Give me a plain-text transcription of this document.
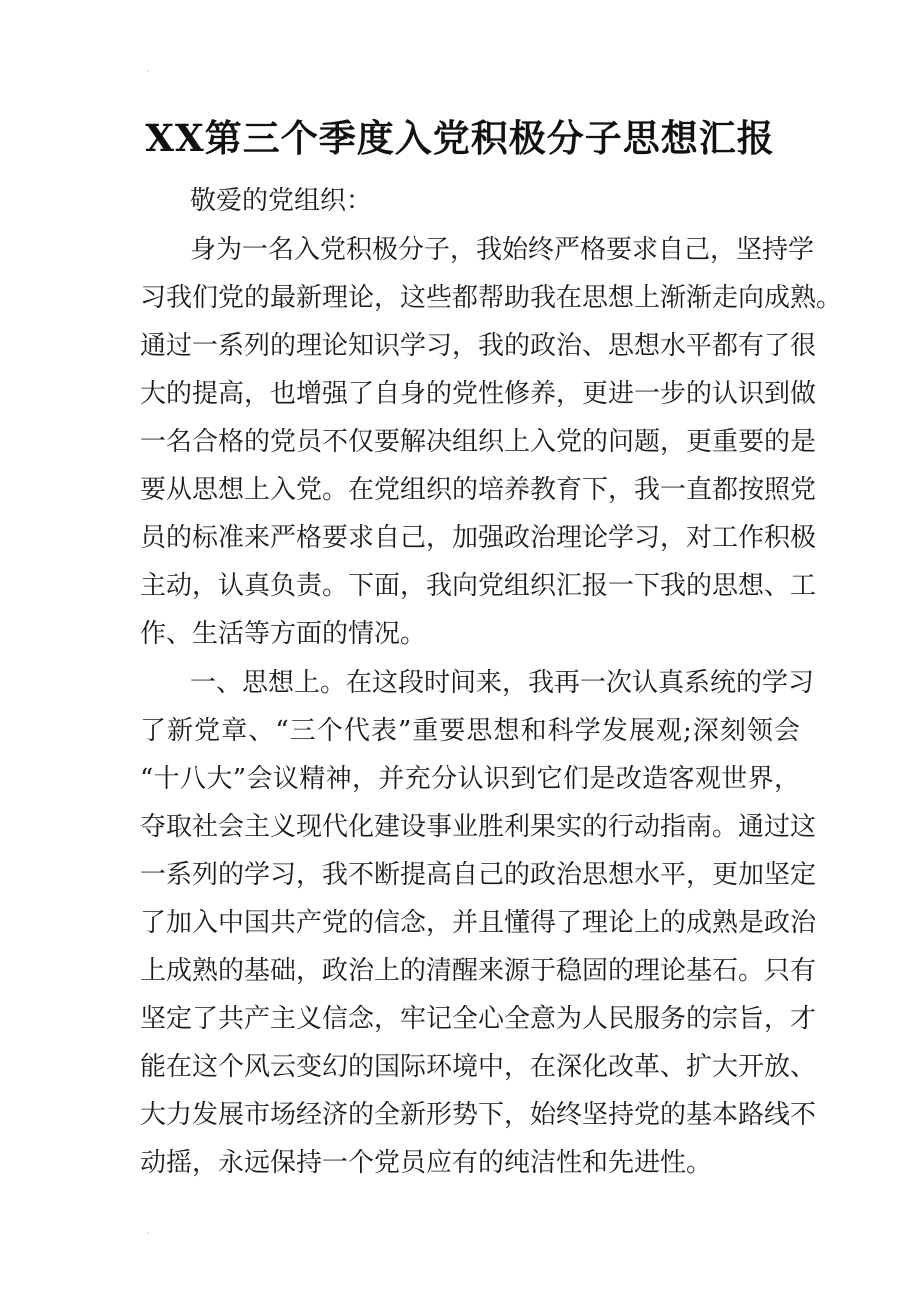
XX第三个季度入党积极分子思想汇报
敬爱的党组织：
身为一名入党积极分子，我始终严格要求自己，坚持学
习我们党的最新理论，这些都帮助我在思想上渐渐走向成熟。
通过一系列的理论知识学习，我的政治、思想水平都有了很
大的提高，也增强了自身的党性修养，更进一步的认识到做
一名合格的党员不仅要解决组织上入党的问题，更重要的是
要从思想上入党。在党组织的培养教育下，我一直都按照党
员的标准来严格要求自己，加强政治理论学习，对工作积极
主动，认真负责。下面，我向党组织汇报一下我的思想、工
作、生活等方面的情况。
一、思想上。在这段时间来，我再一次认真系统的学习
了新党章、“三个代表”重要思想和科学发展观;深刻领会
“十八大”会议精神，并充分认识到它们是改造客观世界，
夺取社会主义现代化建设事业胜利果实的行动指南。通过这
一系列的学习，我不断提高自己的政治思想水平，更加坚定
了加入中国共产党的信念，并且懂得了理论上的成熟是政治
上成熟的基础，政治上的清醒来源于稳固的理论基石。只有
坚定了共产主义信念，牢记全心全意为人民服务的宗旨，才
能在这个风云变幻的国际环境中，在深化改革、扩大开放、
大力发展市场经济的全新形势下，始终坚持党的基本路线不
动摇，永远保持一个党员应有的纯洁性和先进性。
